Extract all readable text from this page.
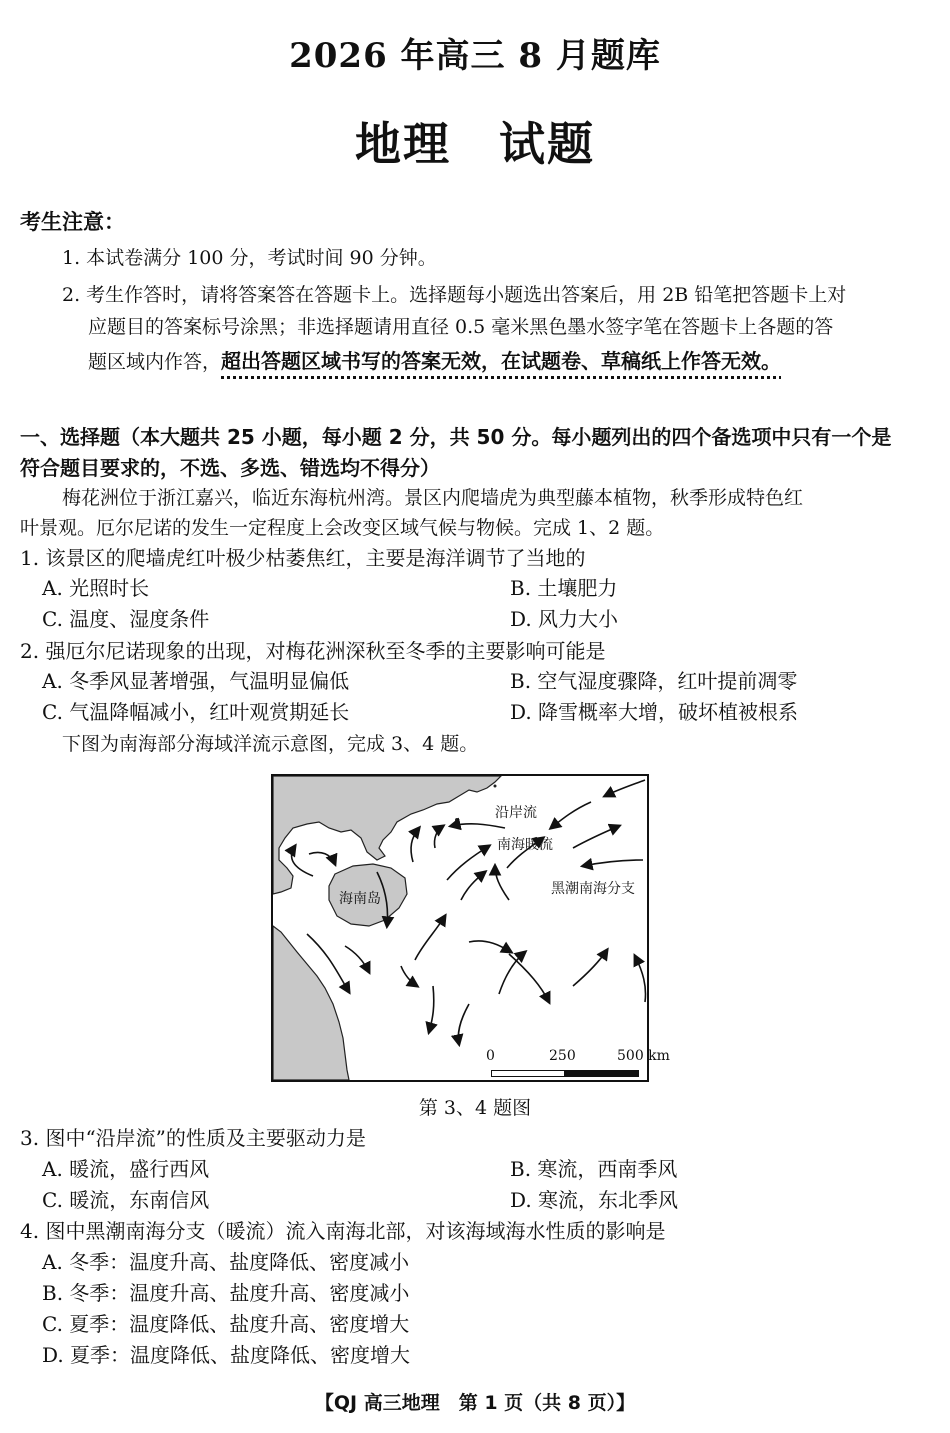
2026 年高三 8 月题库
地理　试题
考生注意：
1. 本试卷满分 100 分，考试时间 90 分钟。
2. 考生作答时，请将答案答在答题卡上。选择题每小题选出答案后，用 2B 铅笔把答题卡上对
应题目的答案标号涂黑；非选择题请用直径 0.5 毫米黑色墨水签字笔在答题卡上各题的答
题区域内作答，超出答题区域书写的答案无效，在试题卷、草稿纸上作答无效。
一、选择题（本大题共 25 小题，每小题 2 分，共 50 分。每小题列出的四个备选项中只有一个是
符合题目要求的，不选、多选、错选均不得分）
梅花洲位于浙江嘉兴，临近东海杭州湾。景区内爬墙虎为典型藤本植物，秋季形成特色红
叶景观。厄尔尼诺的发生一定程度上会改变区域气候与物候。完成 1、2 题。
1. 该景区的爬墙虎红叶极少枯萎焦红，主要是海洋调节了当地的
A. 光照时长	B. 土壤肥力
C. 温度、湿度条件	D. 风力大小
2. 强厄尔尼诺现象的出现，对梅花洲深秋至冬季的主要影响可能是
A. 冬季风显著增强，气温明显偏低	B. 空气湿度骤降，红叶提前凋零
C. 气温降幅减小，红叶观赏期延长	D. 降雪概率大增，破坏植被根系
下图为南海部分海域洋流示意图，完成 3、4 题。
沿岸流
南海暖流
黑潮南海分支
海南岛
0	250	500 km
第 3、4 题图
3. 图中“沿岸流”的性质及主要驱动力是
A. 暖流，盛行西风	B. 寒流，西南季风
C. 暖流，东南信风	D. 寒流，东北季风
4. 图中黑潮南海分支（暖流）流入南海北部，对该海域海水性质的影响是
A. 冬季：温度升高、盐度降低、密度减小
B. 冬季：温度升高、盐度升高、密度减小
C. 夏季：温度降低、盐度升高、密度增大
D. 夏季：温度降低、盐度降低、密度增大
【QJ 高三地理　第 1 页（共 8 页）】
